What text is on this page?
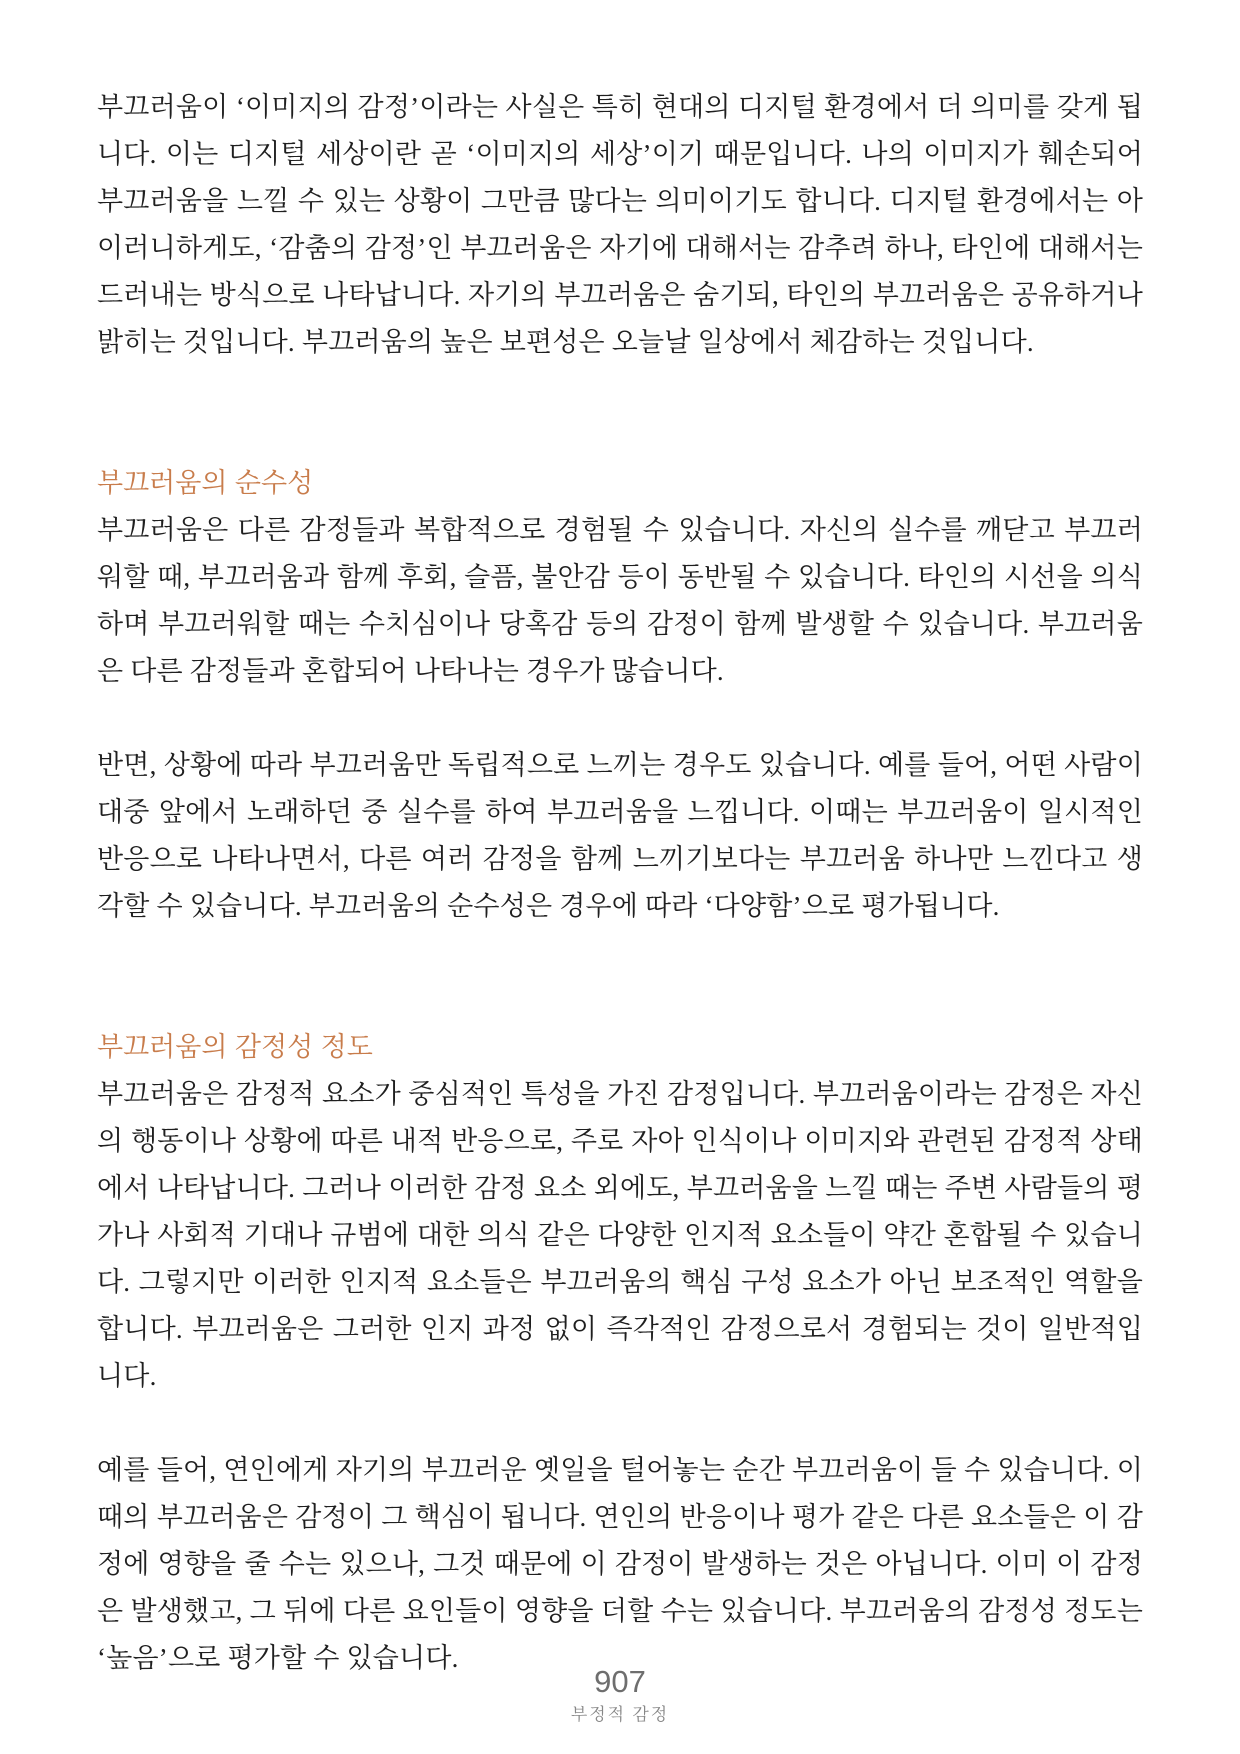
부끄러움이 ‘이미지의 감정’이라는 사실은 특히 현대의 디지털 환경에서 더 의미를 갖게 됩니다. 이는 디지털 세상이란 곧 ‘이미지의 세상’이기 때문입니다. 나의 이미지가 훼손되어 부끄러움을 느낄 수 있는 상황이 그만큼 많다는 의미이기도 합니다. 디지털 환경에서는 아이러니하게도, ‘감춤의 감정’인 부끄러움은 자기에 대해서는 감추려 하나, 타인에 대해서는 드러내는 방식으로 나타납니다. 자기의 부끄러움은 숨기되, 타인의 부끄러움은 공유하거나 밝히는 것입니다. 부끄러움의 높은 보편성은 오늘날 일상에서 체감하는 것입니다.

부끄러움의 순수성

부끄러움은 다른 감정들과 복합적으로 경험될 수 있습니다. 자신의 실수를 깨닫고 부끄러워할 때, 부끄러움과 함께 후회, 슬픔, 불안감 등이 동반될 수 있습니다. 타인의 시선을 의식하며 부끄러워할 때는 수치심이나 당혹감 등의 감정이 함께 발생할 수 있습니다. 부끄러움은 다른 감정들과 혼합되어 나타나는 경우가 많습니다.

반면, 상황에 따라 부끄러움만 독립적으로 느끼는 경우도 있습니다. 예를 들어, 어떤 사람이 대중 앞에서 노래하던 중 실수를 하여 부끄러움을 느낍니다. 이때는 부끄러움이 일시적인 반응으로 나타나면서, 다른 여러 감정을 함께 느끼기보다는 부끄러움 하나만 느낀다고 생각할 수 있습니다. 부끄러움의 순수성은 경우에 따라 ‘다양함’으로 평가됩니다.

부끄러움의 감정성 정도

부끄러움은 감정적 요소가 중심적인 특성을 가진 감정입니다. 부끄러움이라는 감정은 자신의 행동이나 상황에 따른 내적 반응으로, 주로 자아 인식이나 이미지와 관련된 감정적 상태에서 나타납니다. 그러나 이러한 감정 요소 외에도, 부끄러움을 느낄 때는 주변 사람들의 평가나 사회적 기대나 규범에 대한 의식 같은 다양한 인지적 요소들이 약간 혼합될 수 있습니다. 그렇지만 이러한 인지적 요소들은 부끄러움의 핵심 구성 요소가 아닌 보조적인 역할을 합니다. 부끄러움은 그러한 인지 과정 없이 즉각적인 감정으로서 경험되는 것이 일반적입니다.

예를 들어, 연인에게 자기의 부끄러운 옛일을 털어놓는 순간 부끄러움이 들 수 있습니다. 이때의 부끄러움은 감정이 그 핵심이 됩니다. 연인의 반응이나 평가 같은 다른 요소들은 이 감정에 영향을 줄 수는 있으나, 그것 때문에 이 감정이 발생하는 것은 아닙니다. 이미 이 감정은 발생했고, 그 뒤에 다른 요인들이 영향을 더할 수는 있습니다. 부끄러움의 감정성 정도는 ‘높음’으로 평가할 수 있습니다.

907
부정적 감정
